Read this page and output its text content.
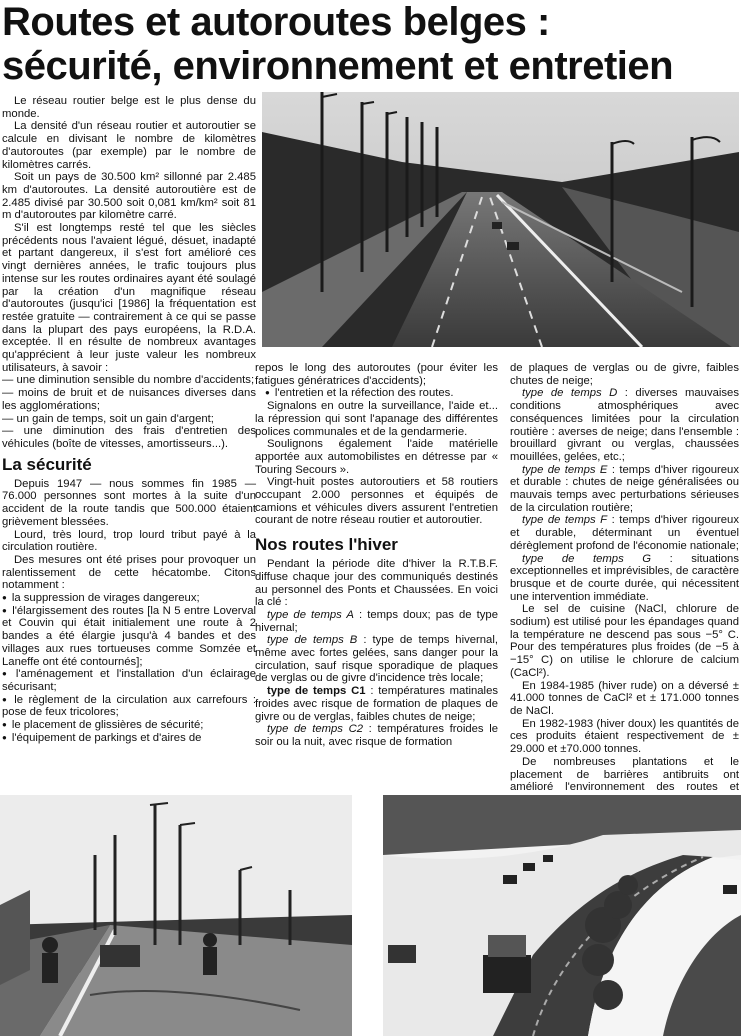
Routes et autoroutes belges :
sécurité, environnement et entretien

Le réseau routier belge est le plus dense du monde.

La densité d'un réseau routier et autoroutier se calcule en divisant le nombre de kilomètres d'autoroutes (par exemple) par le nombre de kilomètres carrés.

Soit un pays de 30.500 km² sillonné par 2.485 km d'autoroutes. La densité autoroutière est de 2.485 divisé par 30.500 soit 0,081 km/km² soit 81 m d'autoroutes par kilomètre carré.

S'il est longtemps resté tel que les siècles précédents nous l'avaient légué, désuet, inadapté et partant dangereux, il s'est fort amélioré ces vingt dernières années, le trafic toujours plus intense sur les routes ordinaires ayant été soulagé par la création d'un magnifique réseau d'autoroutes (jusqu'ici [1986] la fréquentation est restée gratuite — contrairement à ce qui se passe dans la plupart des pays européens, la R.D.A. exceptée. Il en résulte de nombreux avantages qu'apprécient à leur juste valeur les nombreux utilisateurs, à savoir :

— une diminution sensible du nombre d'accidents;
— moins de bruit et de nuisances diverses dans les agglomérations;
— un gain de temps, soit un gain d'argent;
— une diminution des frais d'entretien des véhicules (boîte de vitesses, amortisseurs...).
La sécurité

Depuis 1947 — nous sommes fin 1985 — 76.000 personnes sont mortes à la suite d'un accident de la route tandis que 500.000 étaient grièvement blessées.

Lourd, très lourd, trop lourd tribut payé à la circulation routière.

Des mesures ont été prises pour provoquer un ralentissement de cette hécatombe. Citons notamment :

● la suppression de virages dangereux;
● l'élargissement des routes [la N 5 entre Loverval et Couvin qui était initialement une route à 2 bandes a été élargie jusqu'à 4 bandes et des villages aux rues tortueuses comme Somzée et Laneffe ont été contournés];
● l'aménagement et l'installation d'un éclairage sécurisant;
● le règlement de la circulation aux carrefours : pose de feux tricolores;
● le placement de glissières de sécurité;
● l'équipement de parkings et d'aires de

repos le long des autoroutes (pour éviter les fatigues génératrices d'accidents);

● l'entretien et la réfection des routes.

Signalons en outre la surveillance, l'aide et... la répression qui sont l'apanage des différentes polices communales et de la gendarmerie.

Soulignons également l'aide matérielle apportée aux automobilistes en détresse par « Touring Secours ».

Vingt-huit postes autoroutiers et 58 routiers occupant 2.000 personnes et équipés de camions et véhicules divers assurent l'entretien courant de notre réseau routier et autoroutier.

Nos routes l'hiver

Pendant la période dite d'hiver la R.T.B.F. diffuse chaque jour des communiqués destinés au personnel des Ponts et Chaussées. En voici la clé :

type de temps A : temps doux; pas de type hivernal;

type de temps B : type de temps hivernal, même avec fortes gelées, sans danger pour la circulation, sauf risque sporadique de plaques de verglas ou de givre d'incidence très locale;

type de temps C1 : températures matinales froides avec risque de formation de plaques de givre ou de verglas, faibles chutes de neige;

type de temps C2 : températures froides le soir ou la nuit, avec risque de formation

de plaques de verglas ou de givre, faibles chutes de neige;

type de temps D : diverses mauvaises conditions atmosphériques avec conséquences limitées pour la circulation routière : averses de neige; dans l'ensemble : brouillard givrant ou verglas, chaussées mouillées, gelées, etc.;

type de temps E : temps d'hiver rigoureux et durable : chutes de neige généralisées ou mauvais temps avec perturbations sérieuses de la circulation routière;

type de temps F : temps d'hiver rigoureux et durable, déterminant un éventuel dérèglement profond de l'économie nationale;

type de temps G : situations exceptionnelles et imprévisibles, de caractère brusque et de courte durée, qui nécessitent une intervention immédiate.

Le sel de cuisine (NaCl, chlorure de sodium) est utilisé pour les épandages quand la température ne descend pas sous −5° C. Pour des températures plus froides (de −5 à −15° C) on utilise le chlorure de calcium (CaCl²).

En 1984-1985 (hiver rude) on a déversé ± 41.000 tonnes de CaCl² et ± 171.000 tonnes de NaCl.

En 1982-1983 (hiver doux) les quantités de ces produits étaient respectivement de ± 29.000 et ±70.000 tonnes.

De nombreuses plantations et le placement de barrières antibruits ont amélioré l'environnement des routes et
